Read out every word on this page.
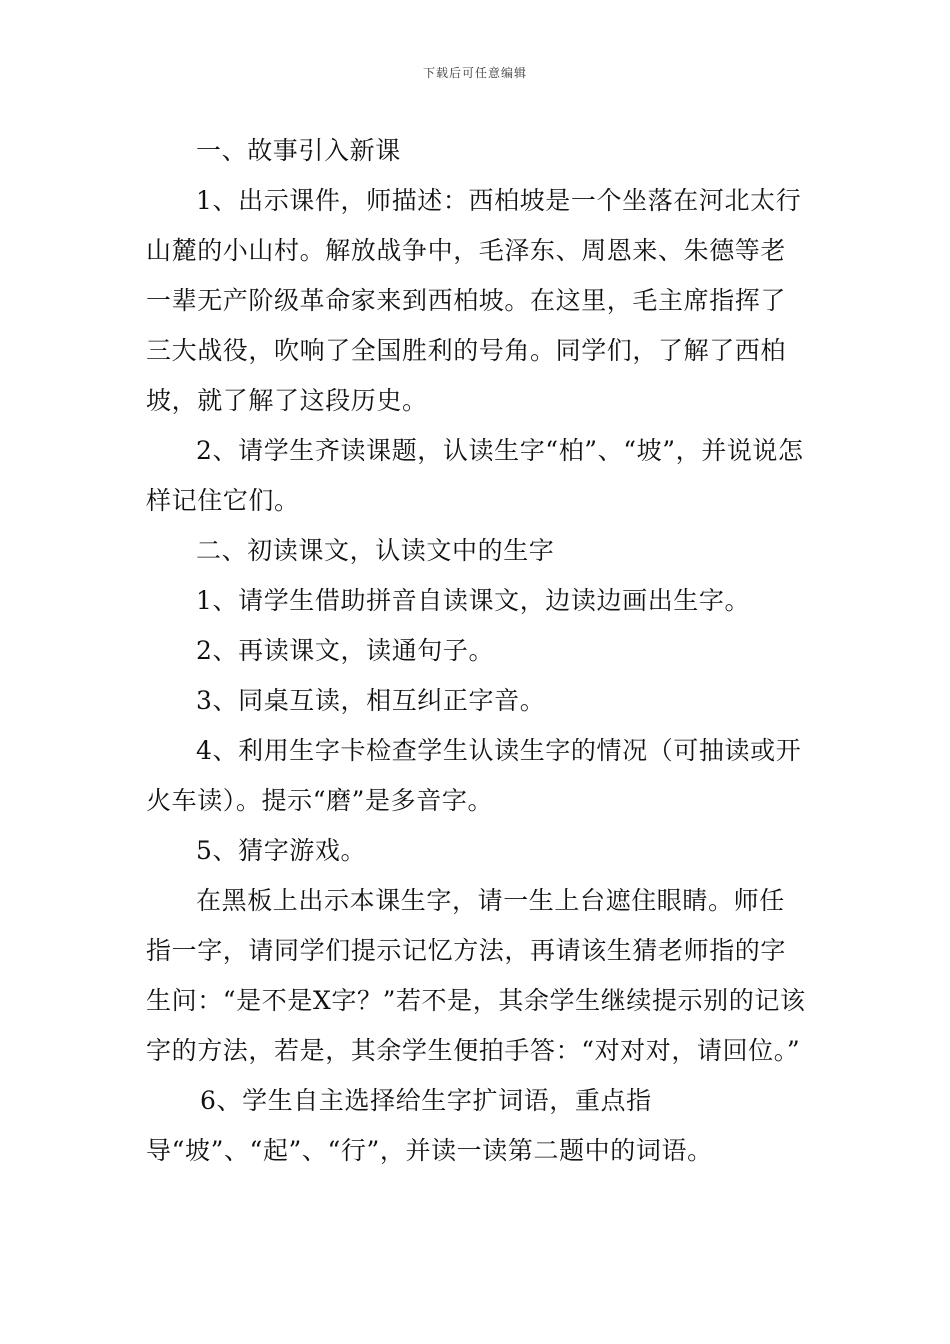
下载后可任意编辑

一、故事引入新课

1、出示课件，师描述：西柏坡是一个坐落在河北太行山麓的小山村。解放战争中，毛泽东、周恩来、朱德等老一辈无产阶级革命家来到西柏坡。在这里，毛主席指挥了三大战役，吹响了全国胜利的号角。同学们，了解了西柏坡，就了解了这段历史。

2、请学生齐读课题，认读生字“柏”、“坡”，并说说怎样记住它们。

二、初读课文，认读文中的生字

1、请学生借助拼音自读课文，边读边画出生字。

2、再读课文，读通句子。

3、同桌互读，相互纠正字音。

4、利用生字卡检查学生认读生字的情况（可抽读或开火车读）。提示“磨”是多音字。

5、猜字游戏。

在黑板上出示本课生字，请一生上台遮住眼睛。师任指一字，请同学们提示记忆方法，再请该生猜老师指的字生问：“是不是X字？”若不是，其余学生继续提示别的记该字的方法，若是，其余学生便拍手答：“对对对，请回位。”

6、学生自主选择给生字扩词语，重点指导“坡”、“起”、“行”，并读一读第二题中的词语。
